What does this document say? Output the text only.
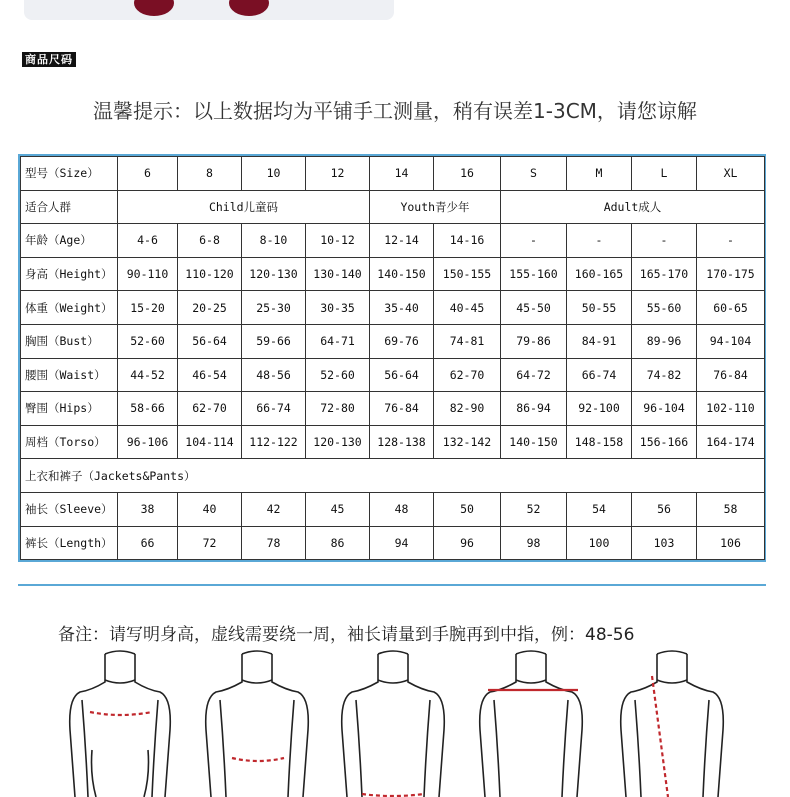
商品尺码
温馨提示：以上数据均为平铺手工测量，稍有误差1-3CM，请您谅解
型号（Size）	6	8	10	12	14	16	S	M	L	XL
适合人群	Child儿童码				Youth青少年		Adult成人			
年龄（Age）	4-6	6-8	8-10	10-12	12-14	14-16	-	-	-	-
身高（Height）	90-110	110-120	120-130	130-140	140-150	150-155	155-160	160-165	165-170	170-175
体重（Weight）	15-20	20-25	25-30	30-35	35-40	40-45	45-50	50-55	55-60	60-65
胸围（Bust）	52-60	56-64	59-66	64-71	69-76	74-81	79-86	84-91	89-96	94-104
腰围（Waist）	44-52	46-54	48-56	52-60	56-64	62-70	64-72	66-74	74-82	76-84
臀围（Hips）	58-66	62-70	66-74	72-80	76-84	82-90	86-94	92-100	96-104	102-110
周档（Torso）	96-106	104-114	112-122	120-130	128-138	132-142	140-150	148-158	156-166	164-174
上衣和裤子（Jackets&Pants）										
袖长（Sleeve）	38	40	42	45	48	50	52	54	56	58
裤长（Length）	66	72	78	86	94	96	98	100	103	106
备注：请写明身高，虚线需要绕一周，袖长请量到手腕再到中指，例：48-56
